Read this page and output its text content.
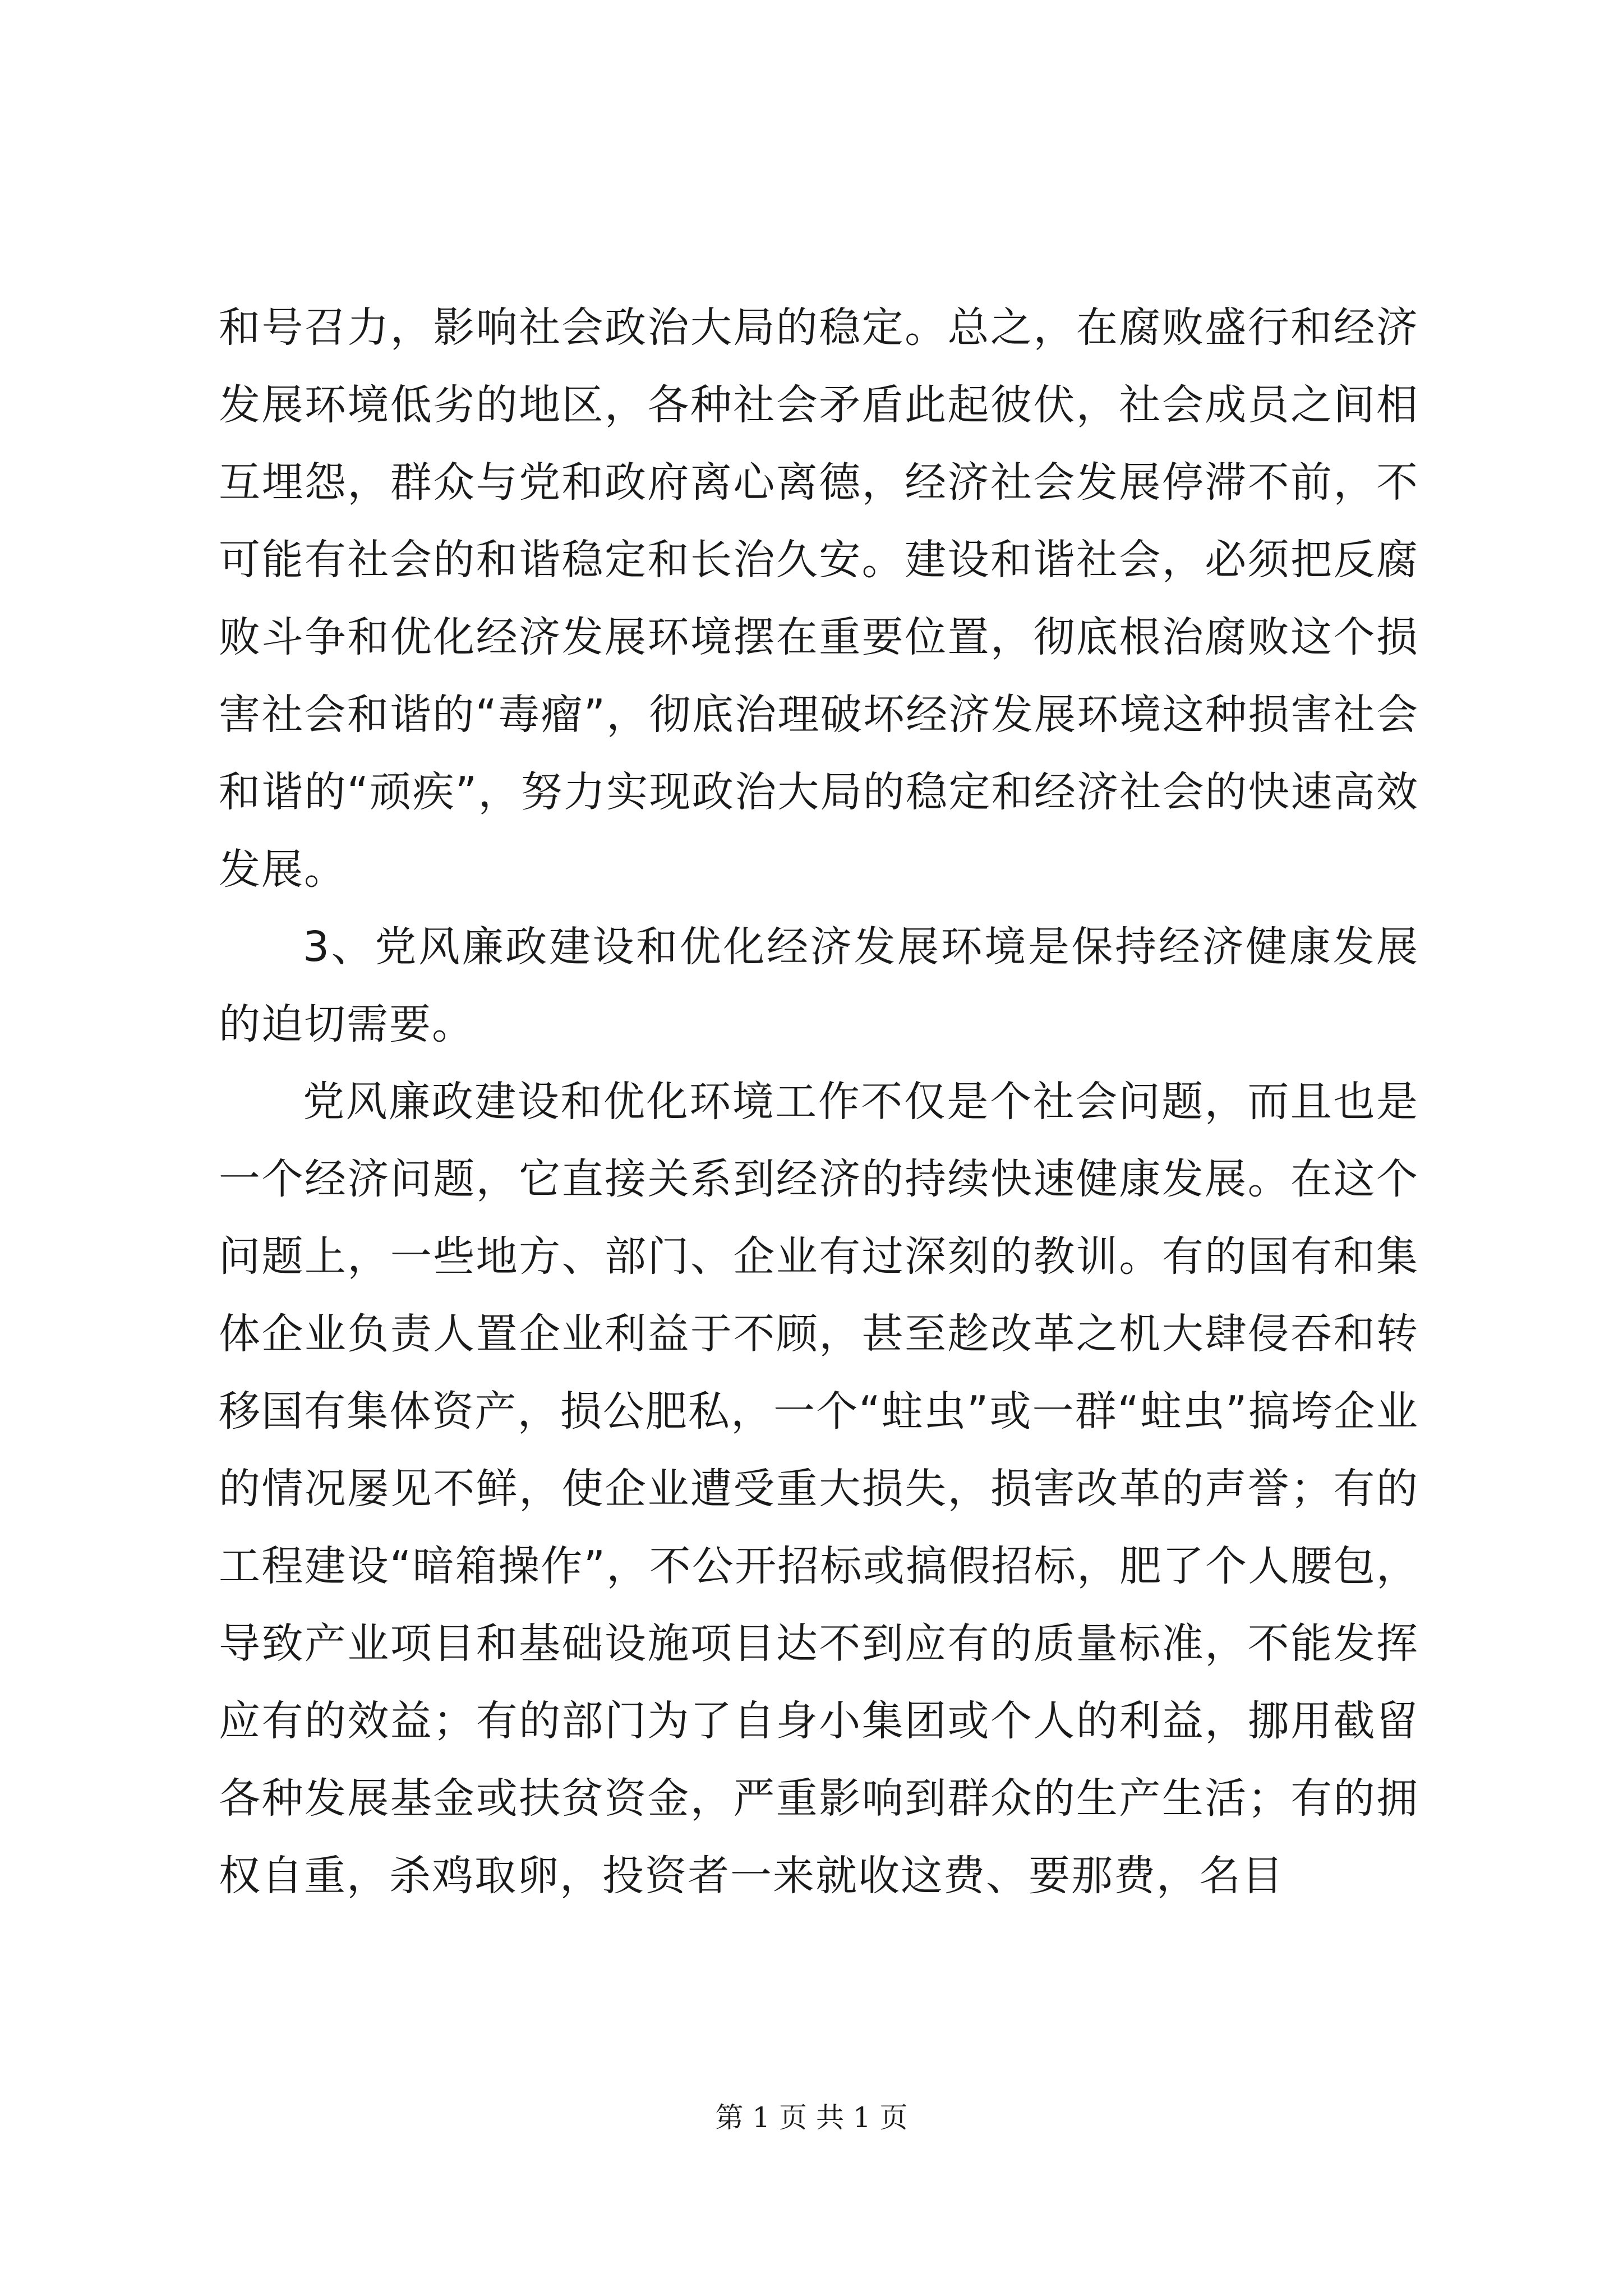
和号召力，影响社会政治大局的稳定。总之，在腐败盛行和经济发展环境低劣的地区，各种社会矛盾此起彼伏，社会成员之间相互埋怨，群众与党和政府离心离德，经济社会发展停滞不前，不可能有社会的和谐稳定和长治久安。建设和谐社会，必须把反腐败斗争和优化经济发展环境摆在重要位置，彻底根治腐败这个损害社会和谐的“毒瘤”，彻底治理破坏经济发展环境这种损害社会和谐的“顽疾”，努力实现政治大局的稳定和经济社会的快速高效发展。

3、党风廉政建设和优化经济发展环境是保持经济健康发展的迫切需要。

党风廉政建设和优化环境工作不仅是个社会问题，而且也是一个经济问题，它直接关系到经济的持续快速健康发展。在这个问题上，一些地方、部门、企业有过深刻的教训。有的国有和集体企业负责人置企业利益于不顾，甚至趁改革之机大肆侵吞和转移国有集体资产，损公肥私，一个“蛀虫”或一群“蛀虫”搞垮企业的情况屡见不鲜，使企业遭受重大损失，损害改革的声誉；有的工程建设“暗箱操作”，不公开招标或搞假招标，肥了个人腰包，导致产业项目和基础设施项目达不到应有的质量标准，不能发挥应有的效益；有的部门为了自身小集团或个人的利益，挪用截留各种发展基金或扶贫资金，严重影响到群众的生产生活；有的拥权自重，杀鸡取卵，投资者一来就收这费、要那费，名目

第 1 页 共 1 页
